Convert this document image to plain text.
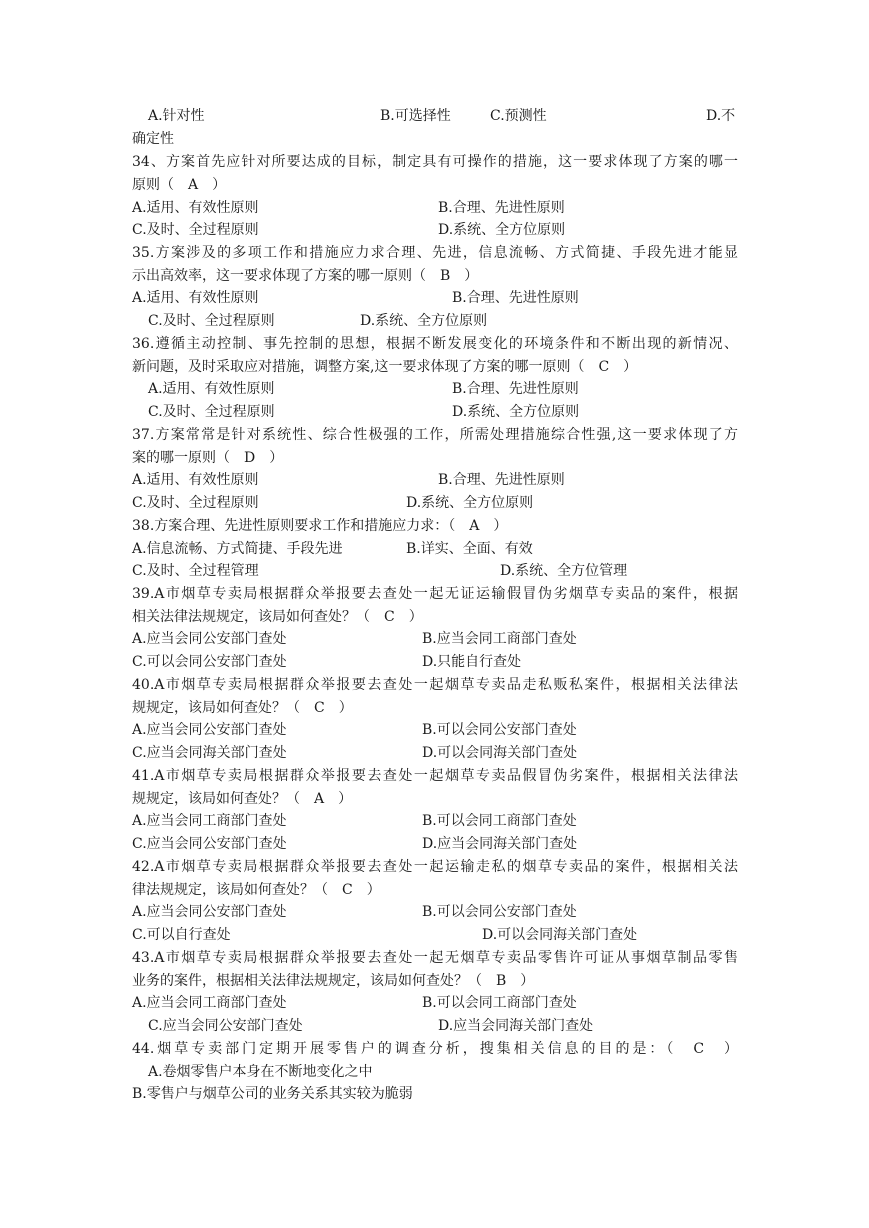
A.针对性	B.可选择性	C.预测性	D.不
确定性
34、方案首先应针对所要达成的目标，制定具有可操作的措施，这一要求体现了方案的哪一
原则（　A　）
A.适用、有效性原则	B.合理、先进性原则
C.及时、全过程原则	D.系统、全方位原则
35.方案涉及的多项工作和措施应力求合理、先进，信息流畅、方式简捷、手段先进才能显
示出高效率，这一要求体现了方案的哪一原则（　B　）
A.适用、有效性原则	B.合理、先进性原则
C.及时、全过程原则	D.系统、全方位原则
36.遵循主动控制、事先控制的思想，根据不断发展变化的环境条件和不断出现的新情况、
新问题，及时采取应对措施，调整方案,这一要求体现了方案的哪一原则（　C　）
A.适用、有效性原则	B.合理、先进性原则
C.及时、全过程原则	D.系统、全方位原则
37.方案常常是针对系统性、综合性极强的工作，所需处理措施综合性强,这一要求体现了方
案的哪一原则（　D　）
A.适用、有效性原则	B.合理、先进性原则
C.及时、全过程原则	D.系统、全方位原则
38.方案合理、先进性原则要求工作和措施应力求：（　A　）
A.信息流畅、方式简捷、手段先进	B.详实、全面、有效
C.及时、全过程管理	D.系统、全方位管理
39.A市烟草专卖局根据群众举报要去查处一起无证运输假冒伪劣烟草专卖品的案件，根据
相关法律法规规定，该局如何查处？（　C　）
A.应当会同公安部门查处	B.应当会同工商部门查处
C.可以会同公安部门查处	D.只能自行查处
40.A市烟草专卖局根据群众举报要去查处一起烟草专卖品走私贩私案件，根据相关法律法
规规定，该局如何查处？（　C　）
A.应当会同公安部门查处	B.可以会同公安部门查处
C.应当会同海关部门查处	D.可以会同海关部门查处
41.A市烟草专卖局根据群众举报要去查处一起烟草专卖品假冒伪劣案件，根据相关法律法
规规定，该局如何查处？（　A　）
A.应当会同工商部门查处	B.可以会同工商部门查处
C.应当会同公安部门查处	D.应当会同海关部门查处
42.A市烟草专卖局根据群众举报要去查处一起运输走私的烟草专卖品的案件，根据相关法
律法规规定，该局如何查处？（　C　）
A.应当会同公安部门查处	B.可以会同公安部门查处
C.可以自行查处	D.可以会同海关部门查处
43.A市烟草专卖局根据群众举报要去查处一起无烟草专卖品零售许可证从事烟草制品零售
业务的案件，根据相关法律法规规定，该局如何查处？（　B　）
A.应当会同工商部门查处	B.可以会同工商部门查处
C.应当会同公安部门查处	D.应当会同海关部门查处
44.烟草专卖部门定期开展零售户的调查分析，搜集相关信息的目的是：（　C　）
A.卷烟零售户本身在不断地变化之中
B.零售户与烟草公司的业务关系其实较为脆弱
